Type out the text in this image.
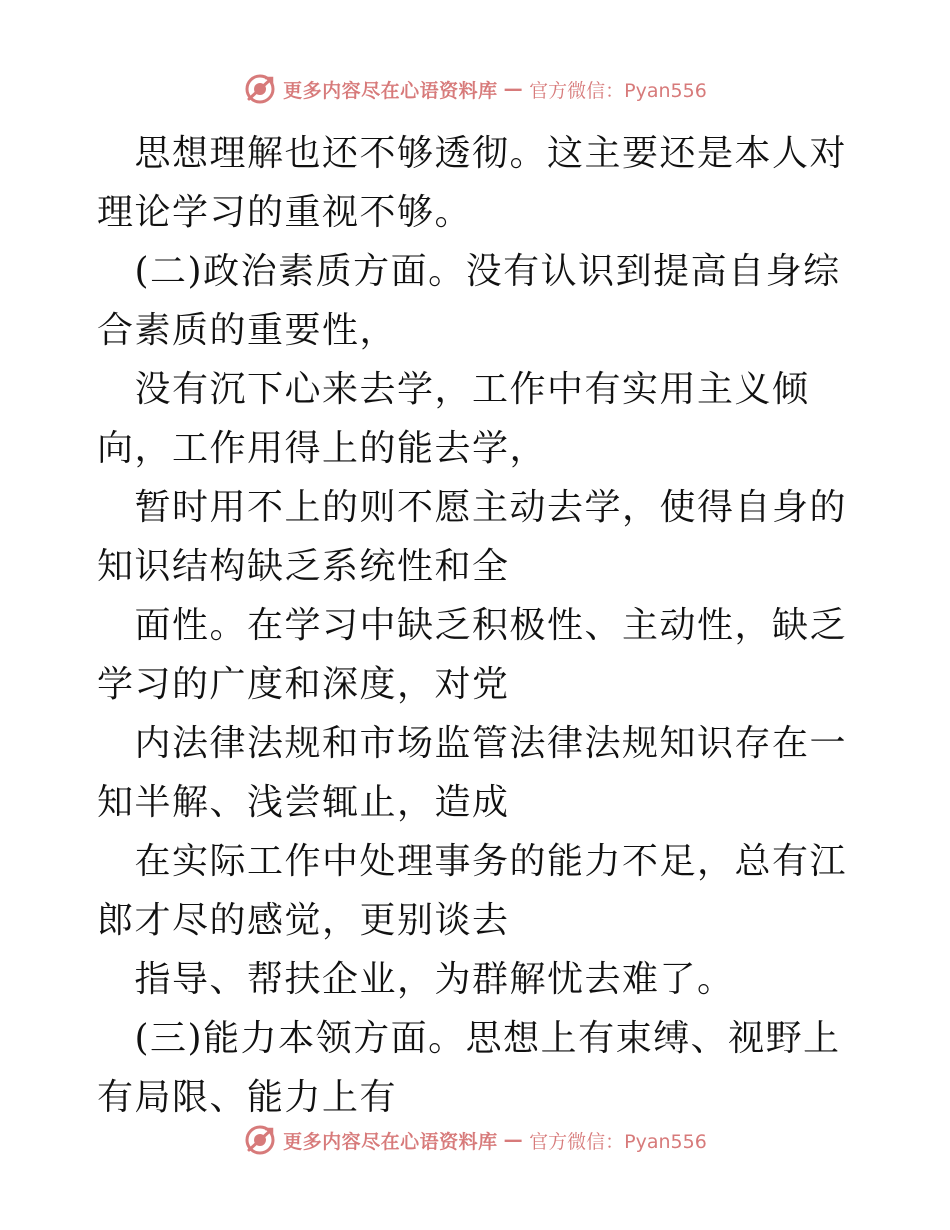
更多内容尽在心语资料库 — 官方微信：Pyan556

　思想理解也还不够透彻。这主要还是本人对理论学习的重视不够。

　(二)政治素质方面。没有认识到提高自身综合素质的重要性，

　没有沉下心来去学，工作中有实用主义倾向，工作用得上的能去学，

　暂时用不上的则不愿主动去学，使得自身的知识结构缺乏系统性和全

　面性。在学习中缺乏积极性、主动性，缺乏学习的广度和深度，对党

　内法律法规和市场监管法律法规知识存在一知半解、浅尝辄止，造成

　在实际工作中处理事务的能力不足，总有江郎才尽的感觉，更别谈去

　指导、帮扶企业，为群解忧去难了。

　(三)能力本领方面。思想上有束缚、视野上有局限、能力上有

更多内容尽在心语资料库 — 官方微信：Pyan556
